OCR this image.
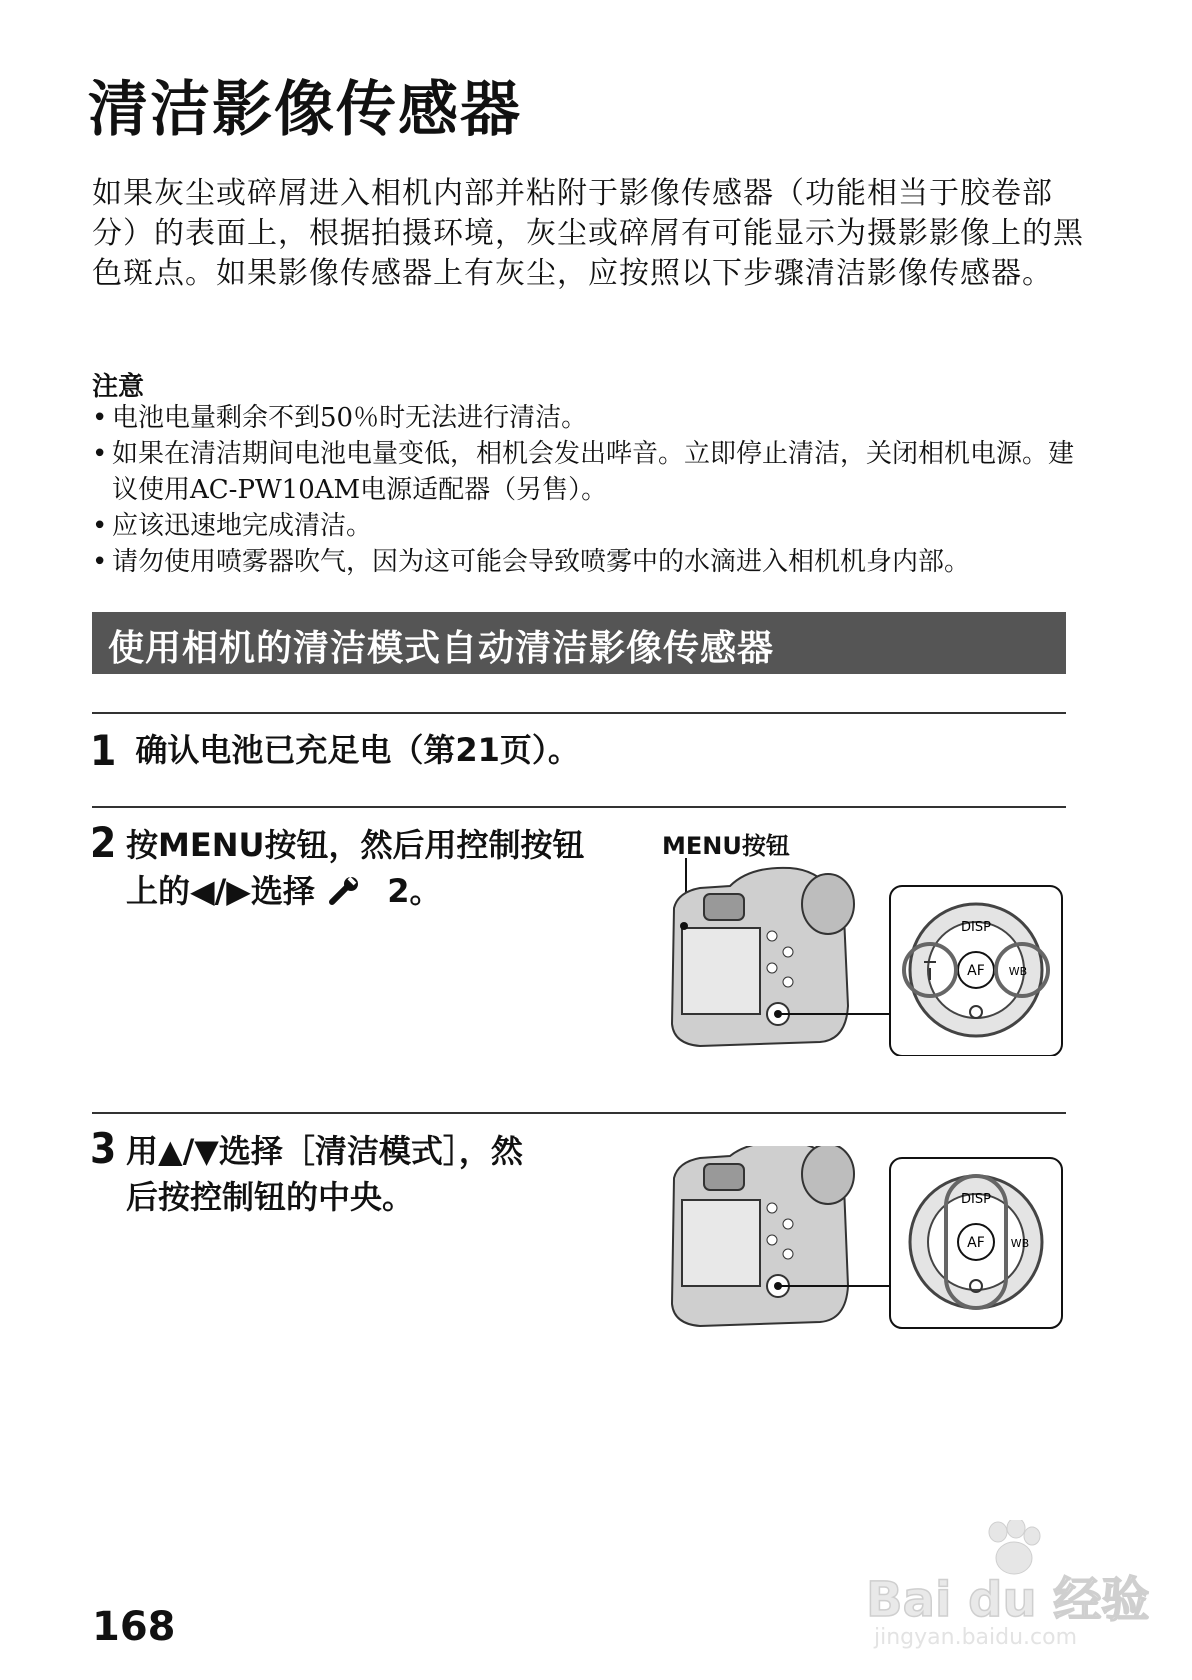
清洁影像传感器

如果灰尘或碎屑进入相机内部并粘附于影像传感器（功能相当于胶卷部分）的表面上，根据拍摄环境，灰尘或碎屑有可能显示为摄影影像上的黑色斑点。如果影像传感器上有灰尘，应按照以下步骤清洁影像传感器。

注意
• 电池电量剩余不到50％时无法进行清洁。
• 如果在清洁期间电池电量变低，相机会发出哔音。立即停止清洁，关闭相机电源。建议使用AC-PW10AM电源适配器（另售）。
• 应该迅速地完成清洁。
• 请勿使用喷雾器吹气，因为这可能会导致喷雾中的水滴进入相机机身内部。
使用相机的清洁模式自动清洁影像传感器
1 确认电池已充足电（第21页）。
2 按MENU按钮，然后用控制按钮

上的◀/▶选择 2。

MENU按钮
DISP
AF WB
3 用▲/▼选择［清洁模式］，然

后按控制钮的中央。	DISP
AF WB
168	Bai du 经验
jingyan.baidu.com
